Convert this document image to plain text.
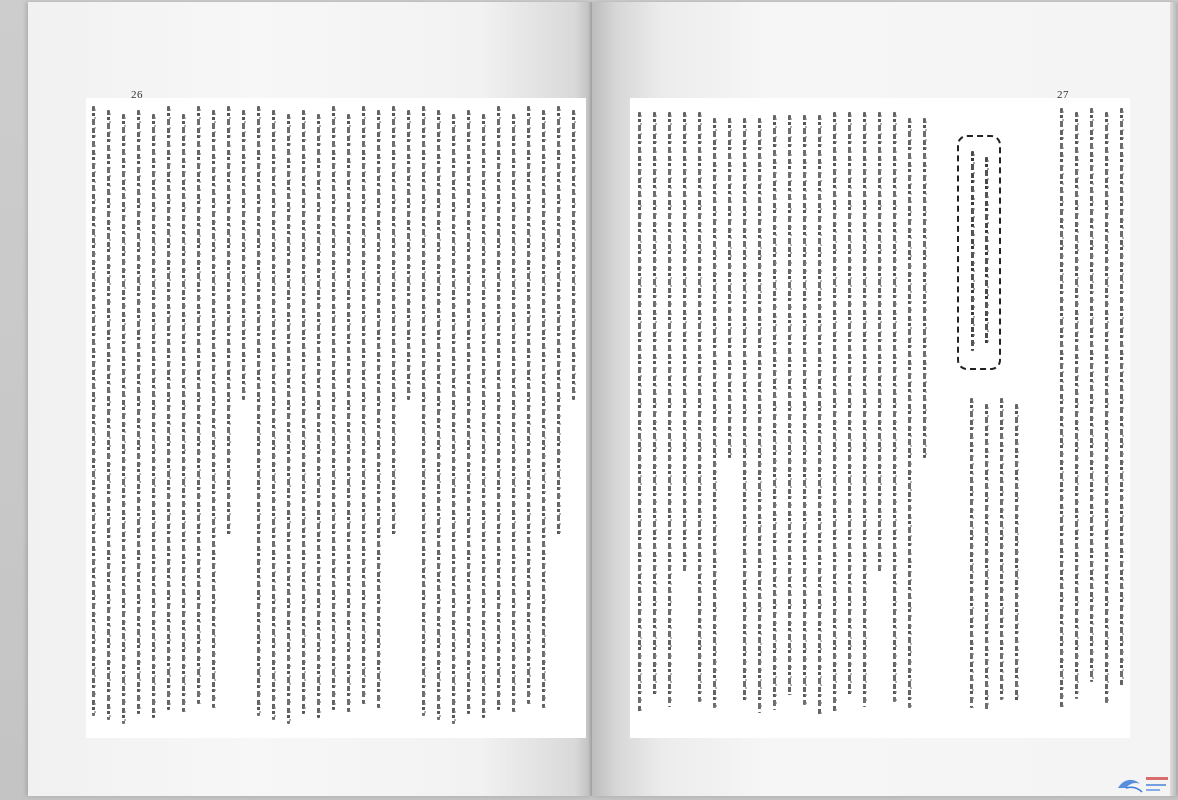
26	27
